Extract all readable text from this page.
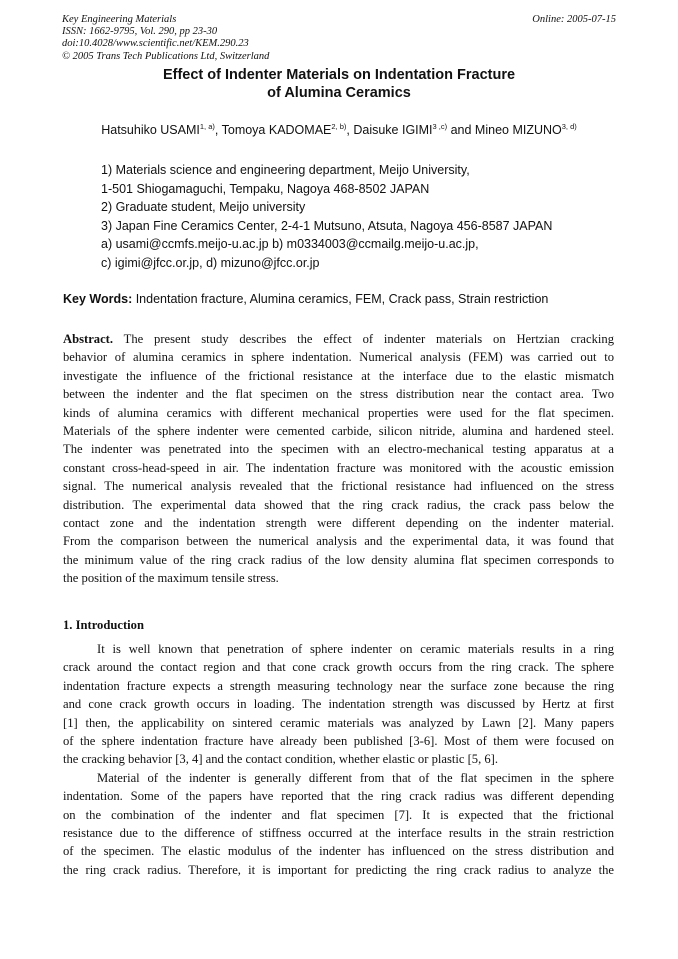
Key Engineering Materials
ISSN: 1662-9795, Vol. 290, pp 23-30
doi:10.4028/www.scientific.net/KEM.290.23
© 2005 Trans Tech Publications Ltd, Switzerland
Online: 2005-07-15
Effect of Indenter Materials on Indentation Fracture
of Alumina Ceramics
Hatsuhiko USAMI$^{1, a)}$, Tomoya KADOMAE$^{2, b)}$, Daisuke IGIMI$^{3 ,c)}$ and Mineo MIZUNO$^{3, d)}$
1) Materials science and engineering department, Meijo University,
1-501 Shiogamaguchi, Tempaku, Nagoya 468-8502 JAPAN
2) Graduate student, Meijo university
3) Japan Fine Ceramics Center, 2-4-1 Mutsuno, Atsuta, Nagoya 456-8587 JAPAN
a) usami@ccmfs.meijo-u.ac.jp b) m0334003@ccmailg.meijo-u.ac.jp,
c) igimi@jfcc.or.jp, d) mizuno@jfcc.or.jp
Key Words: Indentation fracture, Alumina ceramics, FEM, Crack pass, Strain restriction
Abstract. The present study describes the effect of indenter materials on Hertzian cracking
behavior of alumina ceramics in sphere indentation. Numerical analysis (FEM) was carried out to
investigate the influence of the frictional resistance at the interface due to the elastic mismatch
between the indenter and the flat specimen on the stress distribution near the contact area. Two
kinds of alumina ceramics with different mechanical properties were used for the flat specimen.
Materials of the sphere indenter were cemented carbide, silicon nitride, alumina and hardened steel.
The indenter was penetrated into the specimen with an electro-mechanical testing apparatus at a
constant cross-head-speed in air. The indentation fracture was monitored with the acoustic emission
signal. The numerical analysis revealed that the frictional resistance had influenced on the stress
distribution. The experimental data showed that the ring crack radius, the crack pass below the
contact zone and the indentation strength were different depending on the indenter material.
From the comparison between the numerical analysis and the experimental data, it was found that
the minimum value of the ring crack radius of the low density alumina flat specimen corresponds to
the position of the maximum tensile stress.
1. Introduction
It is well known that penetration of sphere indenter on ceramic materials results in a ring
crack around the contact region and that cone crack growth occurs from the ring crack. The sphere
indentation fracture expects a strength measuring technology near the surface zone because the ring
and cone crack growth occurs in loading. The indentation strength was discussed by Hertz at first
[1] then, the applicability on sintered ceramic materials was analyzed by Lawn [2]. Many papers
of the sphere indentation fracture have already been published [3-6]. Most of them were focused on
the cracking behavior [3, 4] and the contact condition, whether elastic or plastic [5, 6].
Material of the indenter is generally different from that of the flat specimen in the sphere
indentation. Some of the papers have reported that the ring crack radius was different depending
on the combination of the indenter and flat specimen [7]. It is expected that the frictional
resistance due to the difference of stiffness occurred at the interface results in the strain restriction
of the specimen. The elastic modulus of the indenter has influenced on the stress distribution and
the ring crack radius. Therefore, it is important for predicting the ring crack radius to analyze the
